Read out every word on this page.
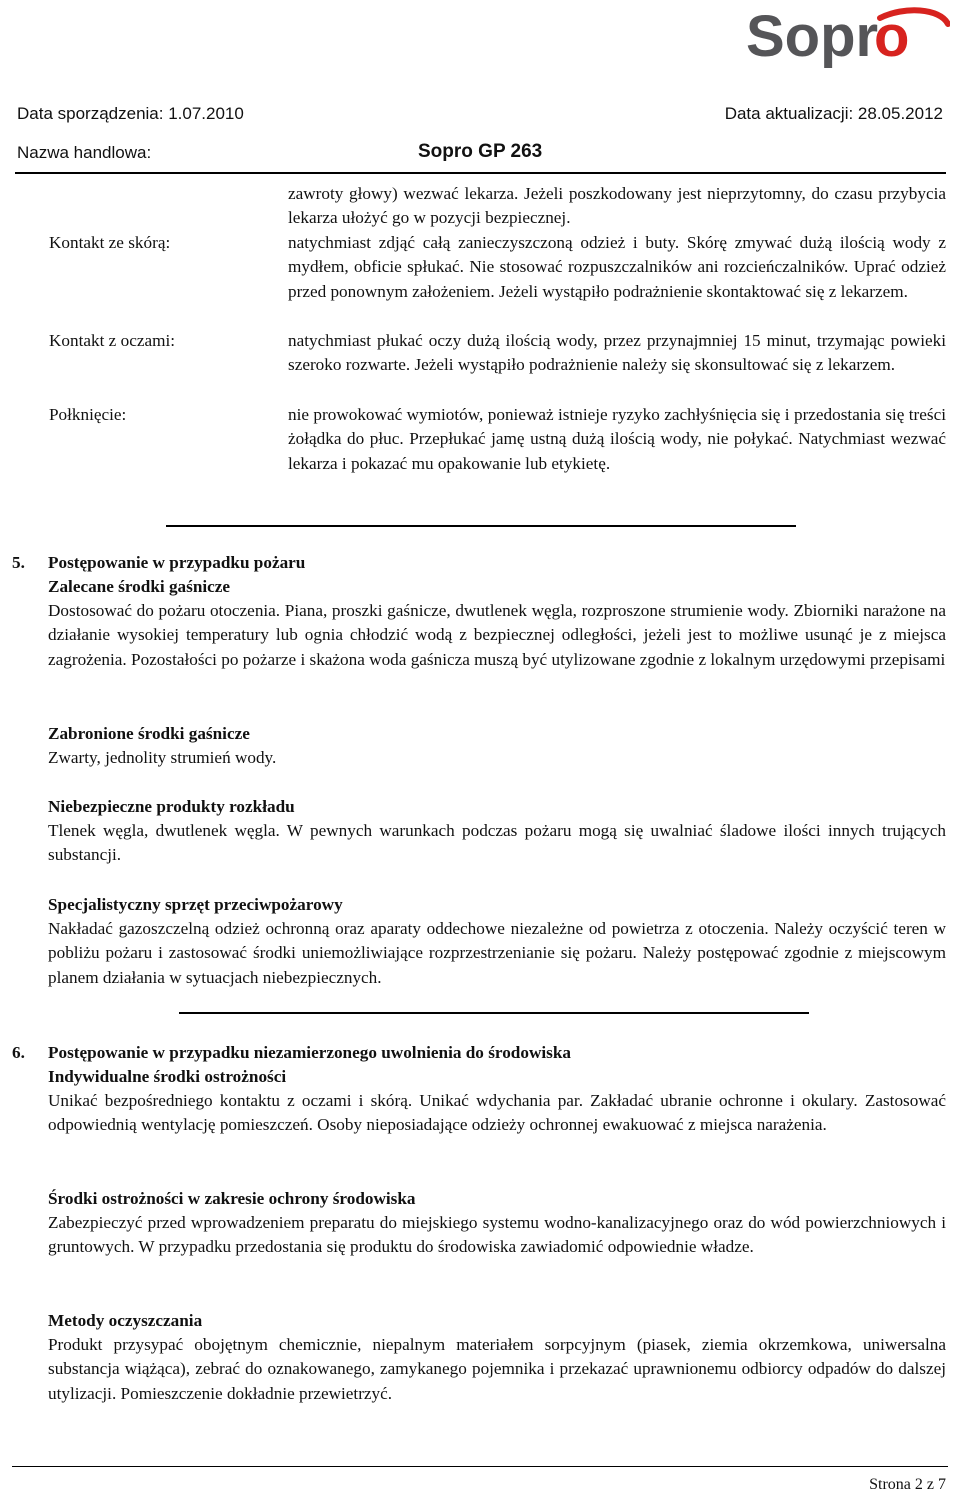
Sopr
o
Data sporządzenia: 1.07.2010	Data aktualizacji: 28.05.2012
Nazwa handlowa:	Sopro GP 263
zawroty głowy) wezwać lekarza. Jeżeli poszkodowany jest nieprzytomny, do czasu przybycia lekarza ułożyć go w pozycji bezpiecznej.
Kontakt ze skórą:	natychmiast zdjąć całą zanieczyszczoną odzież i buty. Skórę zmywać dużą ilością wody z mydłem, obficie spłukać. Nie stosować rozpuszczalników ani rozcieńczalników. Uprać odzież przed ponownym założeniem. Jeżeli wystąpiło podrażnienie skontaktować się z lekarzem.
Kontakt z oczami:	natychmiast płukać oczy dużą ilością wody, przez przynajmniej 15 minut, trzymając powieki szeroko rozwarte. Jeżeli wystąpiło podrażnienie należy się skonsultować się z lekarzem.
Połknięcie:	nie prowokować wymiotów, ponieważ istnieje ryzyko zachłyśnięcia się i przedostania się treści żołądka do płuc. Przepłukać jamę ustną dużą ilością wody, nie połykać. Natychmiast wezwać lekarza i pokazać mu opakowanie lub etykietę.
5. Postępowanie w przypadku pożaru
Zalecane środki gaśnicze
Dostosować do pożaru otoczenia. Piana, proszki gaśnicze, dwutlenek węgla, rozproszone strumienie wody. Zbiorniki narażone na działanie wysokiej temperatury lub ognia chłodzić wodą z bezpiecznej odległości, jeżeli jest to możliwe usunąć je z miejsca zagrożenia. Pozostałości po pożarze i skażona woda gaśnicza muszą być utylizowane zgodnie z lokalnym urzędowymi przepisami
Zabronione środki gaśnicze
Zwarty, jednolity strumień wody.
Niebezpieczne produkty rozkładu
Tlenek węgla, dwutlenek węgla. W pewnych warunkach podczas pożaru mogą się uwalniać śladowe ilości innych trujących substancji.
Specjalistyczny sprzęt przeciwpożarowy
Nakładać gazoszczelną odzież ochronną oraz aparaty oddechowe niezależne od powietrza z otoczenia. Należy oczyścić teren w pobliżu pożaru i zastosować środki uniemożliwiające rozprzestrzenianie się pożaru. Należy postępować zgodnie z miejscowym planem działania w sytuacjach niebezpiecznych.
6. Postępowanie w przypadku niezamierzonego uwolnienia do środowiska
Indywidualne środki ostrożności
Unikać bezpośredniego kontaktu z oczami i skórą. Unikać wdychania par. Zakładać ubranie ochronne i okulary. Zastosować odpowiednią wentylację pomieszczeń. Osoby nieposiadające odzieży ochronnej ewakuować z miejsca narażenia.
Środki ostrożności w zakresie ochrony środowiska
Zabezpieczyć przed wprowadzeniem preparatu do miejskiego systemu wodno-kanalizacyjnego oraz do wód powierzchniowych i gruntowych. W przypadku przedostania się produktu do środowiska zawiadomić odpowiednie władze.
Metody oczyszczania
Produkt przysypać obojętnym chemicznie, niepalnym materiałem sorpcyjnym (piasek, ziemia okrzemkowa, uniwersalna substancja wiążąca), zebrać do oznakowanego, zamykanego pojemnika i przekazać uprawnionemu odbiorcy odpadów do dalszej utylizacji. Pomieszczenie dokładnie przewietrzyć.
Strona 2 z 7
